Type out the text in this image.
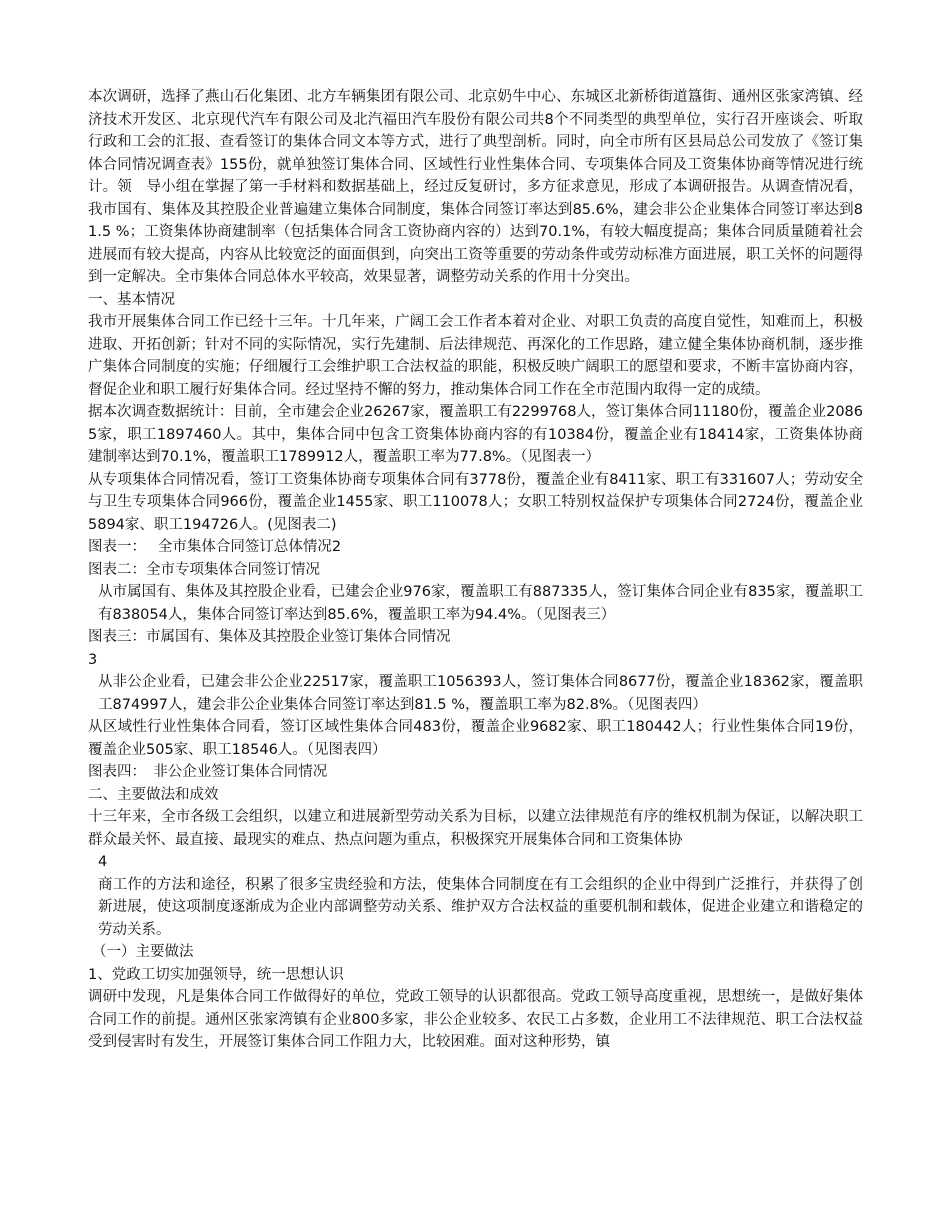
本次调研，选择了燕山石化集团、北方车辆集团有限公司、北京奶牛中心、东城区北新桥街道簋街、通州区张家湾镇、经济技术开发区、北京现代汽车有限公司及北汽福田汽车股份有限公司共8个不同类型的典型单位，实行召开座谈会、听取行政和工会的汇报、查看签订的集体合同文本等方式，进行了典型剖析。同时，向全市所有区县局总公司发放了《签订集体合同情况调查表》155份，就单独签订集体合同、区域性行业性集体合同、专项集体合同及工资集体协商等情况进行统计。领　导小组在掌握了第一手材料和数据基础上，经过反复研讨，多方征求意见，形成了本调研报告。从调查情况看，我市国有、集体及其控股企业普遍建立集体合同制度，集体合同签订率达到85.6%，建会非公企业集体合同签订率达到81.5 %；工资集体协商建制率（包括集体合同含工资协商内容的）达到70.1%，有较大幅度提高；集体合同质量随着社会进展而有较大提高，内容从比较宽泛的面面俱到，向突出工资等重要的劳动条件或劳动标准方面进展，职工关怀的问题得到一定解决。全市集体合同总体水平较高，效果显著，调整劳动关系的作用十分突出。

一、基本情况

我市开展集体合同工作已经十三年。十几年来，广阔工会工作者本着对企业、对职工负责的高度自觉性，知难而上，积极进取、开拓创新；针对不同的实际情况，实行先建制、后法律规范、再深化的工作思路，建立健全集体协商机制，逐步推广集体合同制度的实施；仔细履行工会维护职工合法权益的职能，积极反映广阔职工的愿望和要求，不断丰富协商内容，督促企业和职工履行好集体合同。经过坚持不懈的努力，推动集体合同工作在全市范围内取得一定的成绩。

据本次调查数据统计：目前，全市建会企业26267家，覆盖职工有2299768人，签订集体合同11180份，覆盖企业20865家，职工1897460人。其中，集体合同中包含工资集体协商内容的有10384份，覆盖企业有18414家，工资集体协商建制率达到70.1%，覆盖职工1789912人，覆盖职工率为77.8%。（见图表一）

从专项集体合同情况看，签订工资集体协商专项集体合同有3778份，覆盖企业有8411家、职工有331607人；劳动安全与卫生专项集体合同966份，覆盖企业1455家、职工110078人；女职工特别权益保护专项集体合同2724份，覆盖企业5894家、职工194726人。(见图表二)

图表一：　 全市集体合同签订总体情况2

图表二：全市专项集体合同签订情况

从市属国有、集体及其控股企业看，已建会企业976家，覆盖职工有887335人，签订集体合同企业有835家，覆盖职工有838054人，集体合同签订率达到85.6%，覆盖职工率为94.4%。（见图表三）

图表三：市属国有、集体及其控股企业签订集体合同情况

3

从非公企业看，已建会非公企业22517家，覆盖职工1056393人，签订集体合同8677份，覆盖企业18362家，覆盖职工874997人，建会非公企业集体合同签订率达到81.5 %，覆盖职工率为82.8%。（见图表四）

从区域性行业性集体合同看，签订区域性集体合同483份，覆盖企业9682家、职工180442人；行业性集体合同19份，覆盖企业505家、职工18546人。（见图表四）

图表四：　非公企业签订集体合同情况

二、主要做法和成效

十三年来，全市各级工会组织，以建立和进展新型劳动关系为目标，以建立法律规范有序的维权机制为保证，以解决职工群众最关怀、最直接、最现实的难点、热点问题为重点，积极探究开展集体合同和工资集体协

4

商工作的方法和途径，积累了很多宝贵经验和方法，使集体合同制度在有工会组织的企业中得到广泛推行，并获得了创新进展，使这项制度逐渐成为企业内部调整劳动关系、维护双方合法权益的重要机制和载体，促进企业建立和谐稳定的劳动关系。

（一）主要做法

1、党政工切实加强领导，统一思想认识

调研中发现，凡是集体合同工作做得好的单位，党政工领导的认识都很高。党政工领导高度重视，思想统一，是做好集体合同工作的前提。通州区张家湾镇有企业800多家，非公企业较多、农民工占多数，企业用工不法律规范、职工合法权益受到侵害时有发生，开展签订集体合同工作阻力大，比较困难。面对这种形势，镇
